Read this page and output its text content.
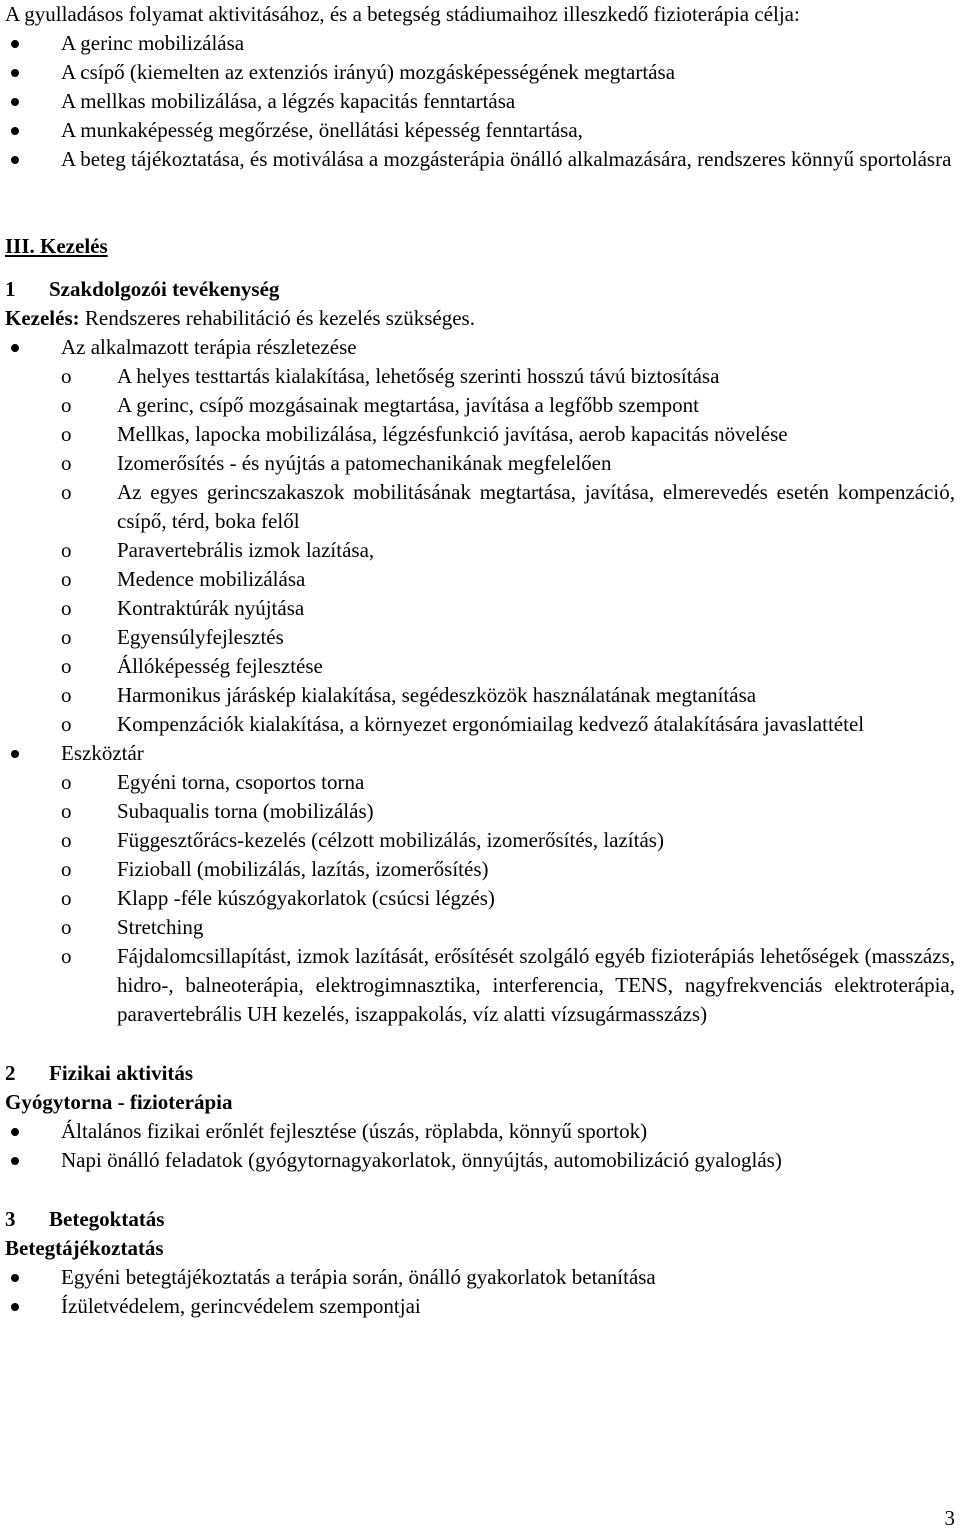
A gyulladásos folyamat aktivitásához, és a betegség stádiumaihoz illeszkedő fizioterápia célja:

A gerinc mobilizálása
A csípő (kiemelten az extenziós irányú) mozgásképességének megtartása
A mellkas mobilizálása, a légzés kapacitás fenntartása
A munkaképesség megőrzése, önellátási képesség fenntartása,
A beteg tájékoztatása, és motiválása a mozgásterápia önálló alkalmazására, rendszeres könnyű sportolásra

III. Kezelés

1 Szakdolgozói tevékenység

Kezelés: Rendszeres rehabilitáció és kezelés szükséges.

Az alkalmazott terápia részletezése
o A helyes testtartás kialakítása, lehetőség szerinti hosszú távú biztosítása
o A gerinc, csípő mozgásainak megtartása, javítása a legfőbb szempont
o Mellkas, lapocka mobilizálása, légzésfunkció javítása, aerob kapacitás növelése
o Izomerősítés - és nyújtás a patomechanikának megfelelően
o Az egyes gerincszakaszok mobilitásának megtartása, javítása, elmerevedés esetén kompenzáció, csípő, térd, boka felől
o Paravertebrális izmok lazítása,
o Medence mobilizálása
o Kontraktúrák nyújtása
o Egyensúlyfejlesztés
o Állóképesség fejlesztése
o Harmonikus járáskép kialakítása, segédeszközök használatának megtanítása
o Kompenzációk kialakítása, a környezet ergonómiailag kedvező átalakítására javaslattétel
Eszköztár
o Egyéni torna, csoportos torna
o Subaqualis torna (mobilizálás)
o Függesztőrács-kezelés (célzott mobilizálás, izomerősítés, lazítás)
o Fizioball (mobilizálás, lazítás, izomerősítés)
o Klapp -féle kúszógyakorlatok (csúcsi légzés)
o Stretching
o Fájdalomcsillapítást, izmok lazítását, erősítését szolgáló egyéb fizioterápiás lehetőségek (masszázs, hidro-, balneoterápia, elektrogimnasztika, interferencia, TENS, nagyfrekvenciás elektroterápia, paravertebrális UH kezelés, iszappakolás, víz alatti vízsugármasszázs)

2 Fizikai aktivitás

Gyógytorna - fizioterápia

Általános fizikai erőnlét fejlesztése (úszás, röplabda, könnyű sportok)
Napi önálló feladatok (gyógytornagyakorlatok, önnyújtás, automobilizáció gyaloglás)

3 Betegoktatás

Betegtájékoztatás

Egyéni betegtájékoztatás a terápia során, önálló gyakorlatok betanítása
Ízületvédelem, gerincvédelem szempontjai
3
